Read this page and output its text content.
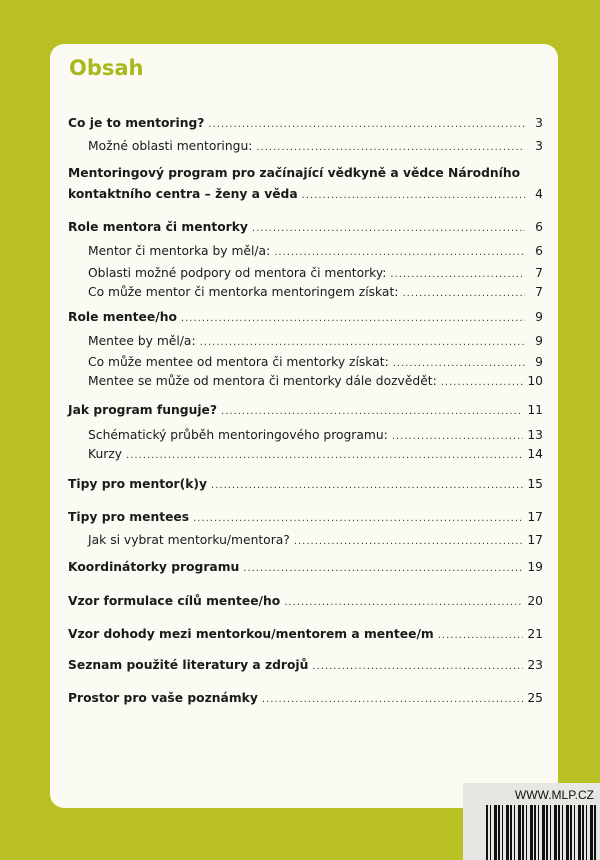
Obsah
Co je to mentoring? .....	3
Možné oblasti mentoringu: .....	3
Mentoringový program pro začínající vědkyně a vědce Národního
kontaktního centra – ženy a věda .....	4
Role mentora či mentorky .....	6
Mentor či mentorka by měl/a: .....	6
Oblasti možné podpory od mentora či mentorky: .....	7
Co může mentor či mentorka mentoringem získat: .....	7
Role mentee/ho .....	9
Mentee by měl/a: .....	9
Co může mentee od mentora či mentorky získat: .....	9
Mentee se může od mentora či mentorky dále dozvědět: .....	10
Jak program funguje? .....	11
Schématický průběh mentoringového programu: .....	13
Kurzy .....	14
Tipy pro mentor(k)y .....	15
Tipy pro mentees .....	17
Jak si vybrat mentorku/mentora? .....	17
Koordinátorky programu .....	19
Vzor formulace cílů mentee/ho .....	20
Vzor dohody mezi mentorkou/mentorem a mentee/m .....	21
Seznam použité literatury a zdrojů .....	23
Prostor pro vaše poznámky .....	25
WWW.MLP.CZ
